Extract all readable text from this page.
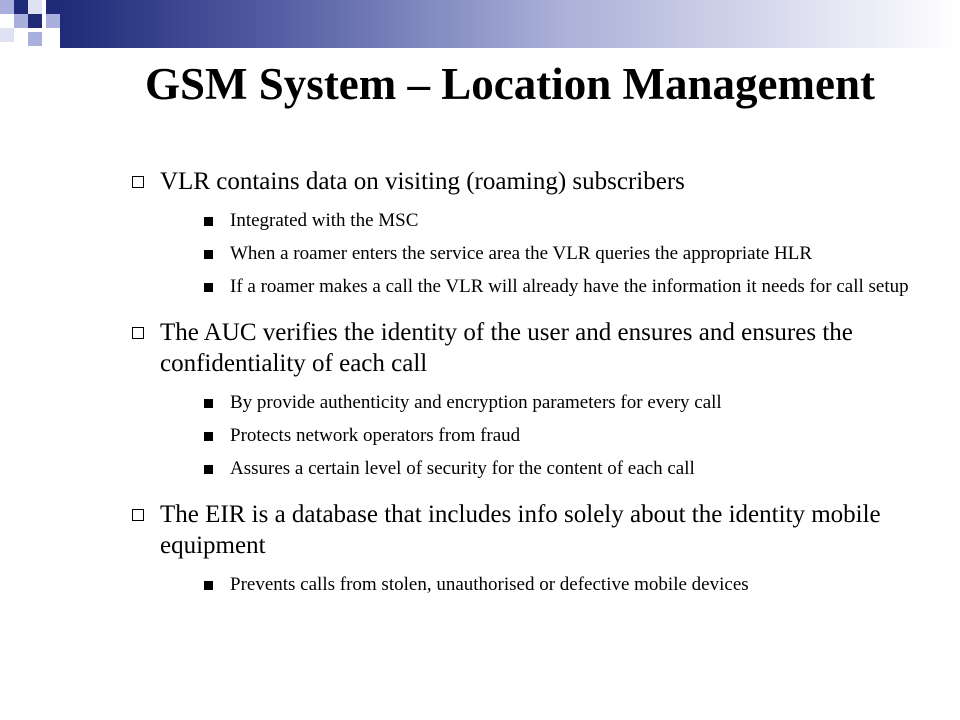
GSM System – Location Management
VLR contains data on visiting (roaming) subscribers
Integrated with the MSC
When a roamer enters the service area the VLR queries the appropriate HLR
If a roamer makes a call the VLR will already have the information it needs for call setup
The AUC verifies the identity of the user and ensures and ensures the confidentiality of each call
By provide authenticity and encryption parameters for every call
Protects network operators from fraud
Assures a certain level of security for the content of each call
The EIR is a database that includes info solely about the identity mobile equipment
Prevents calls from stolen, unauthorised or defective mobile devices
